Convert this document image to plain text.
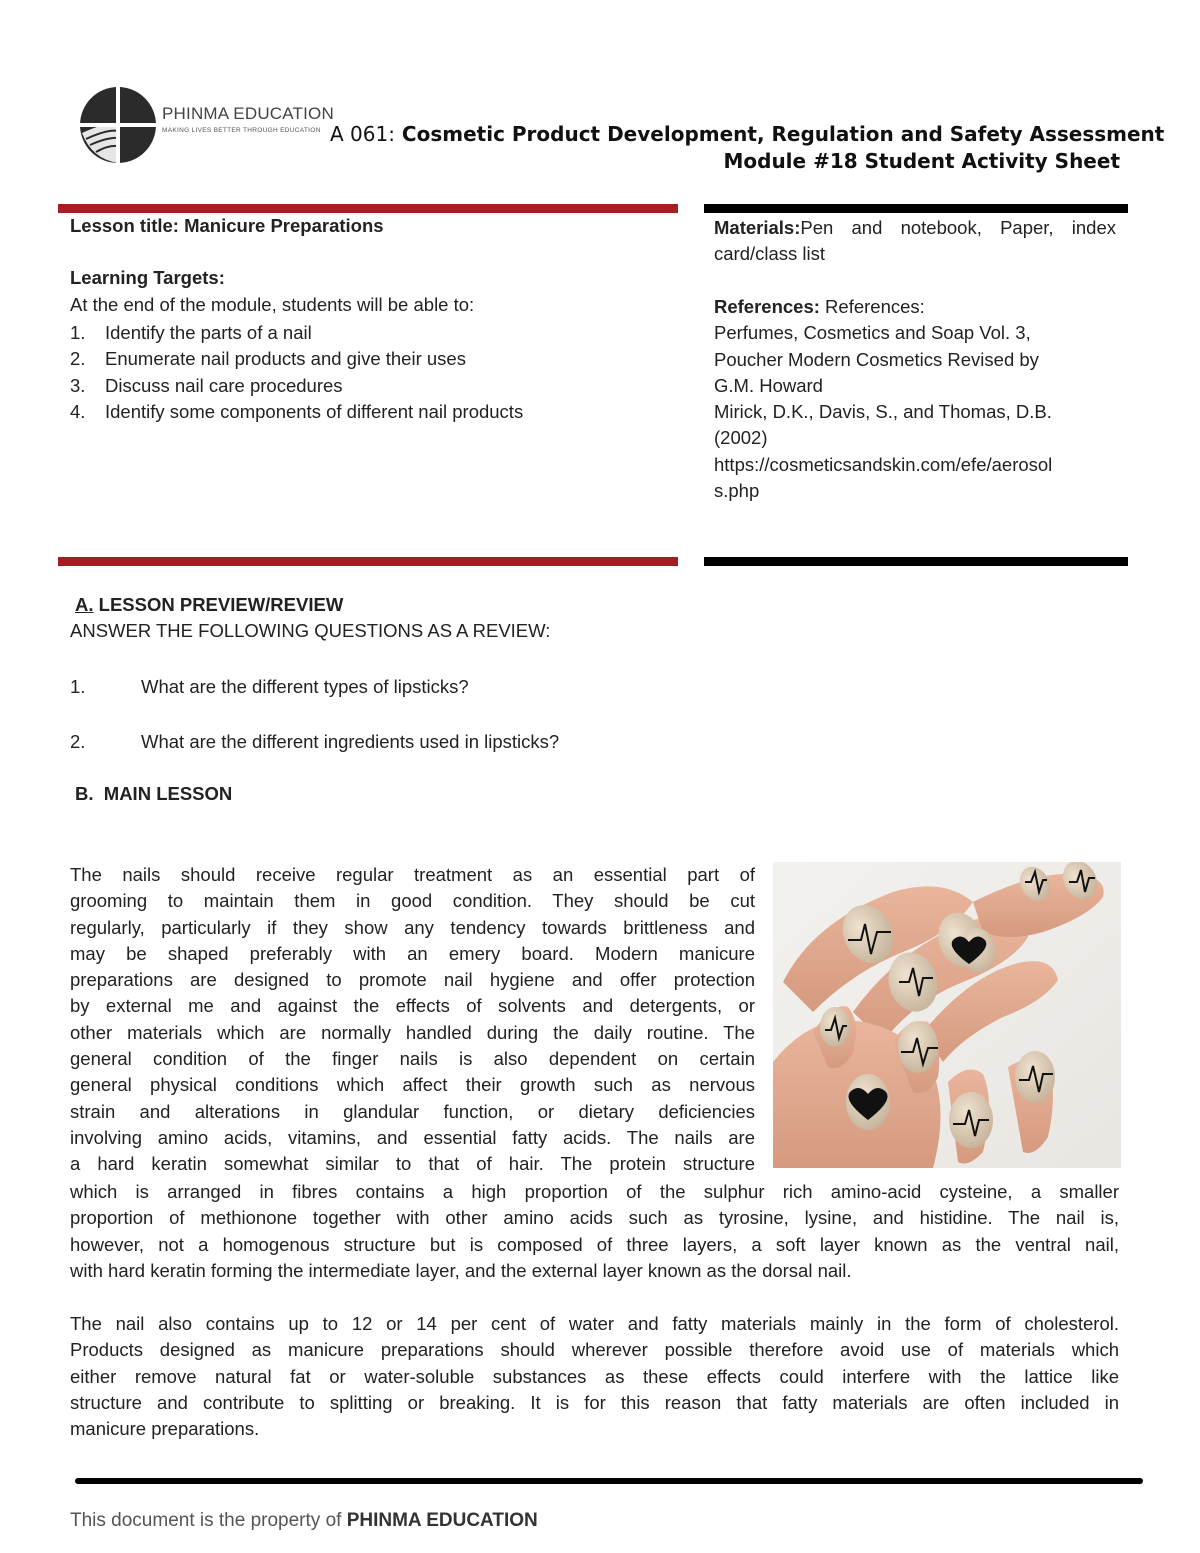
PHINMA EDUCATION
MAKING LIVES BETTER THROUGH EDUCATION A 061: Cosmetic Product Development, Regulation and Safety Assessment
Module #18 Student Activity Sheet
Lesson title: Manicure Preparations
Learning Targets:
At the end of the module, students will be able to:
1. Identify the parts of a nail
2. Enumerate nail products and give their uses
3. Discuss nail care procedures
4. Identify some components of different nail products
Materials:Pen and notebook, Paper, index card/class list
References: References:
Perfumes, Cosmetics and Soap Vol. 3,
Poucher Modern Cosmetics Revised by
G.M. Howard
Mirick, D.K., Davis, S., and Thomas, D.B.
(2002)
https://cosmeticsandskin.com/efe/aerosol
s.php
A. LESSON PREVIEW/REVIEW
ANSWER THE FOLLOWING QUESTIONS AS A REVIEW:
1.	What are the different types of lipsticks?
2.	What are the different ingredients used in lipsticks?
B.  MAIN LESSON
The nails should receive regular treatment as an essential part of
grooming to maintain them in good condition. They should be cut
regularly, particularly if they show any tendency towards brittleness and
may be shaped preferably with an emery board. Modern manicure
preparations are designed to promote nail hygiene and offer protection
by external me and against the effects of solvents and detergents, or
other materials which are normally handled during the daily routine. The
general condition of the finger nails is also dependent on certain
general physical conditions which affect their growth such as nervous
strain and alterations in glandular function, or dietary deficiencies
involving amino acids, vitamins, and essential fatty acids. The nails are
a hard keratin somewhat similar to that of hair. The protein structure
which is arranged in fibres contains a high proportion of the sulphur rich amino-acid cysteine, a smaller
proportion of methionone together with other amino acids such as tyrosine, lysine, and histidine. The nail is,
however, not a homogenous structure but is composed of three layers, a soft layer known as the ventral nail,
with hard keratin forming the intermediate layer, and the external layer known as the dorsal nail.
The nail also contains up to 12 or 14 per cent of water and fatty materials mainly in the form of cholesterol.
Products designed as manicure preparations should wherever possible therefore avoid use of materials which
either remove natural fat or water-soluble substances as these effects could interfere with the lattice like
structure and contribute to splitting or breaking. It is for this reason that fatty materials are often included in
manicure preparations.
This document is the property of PHINMA EDUCATION
